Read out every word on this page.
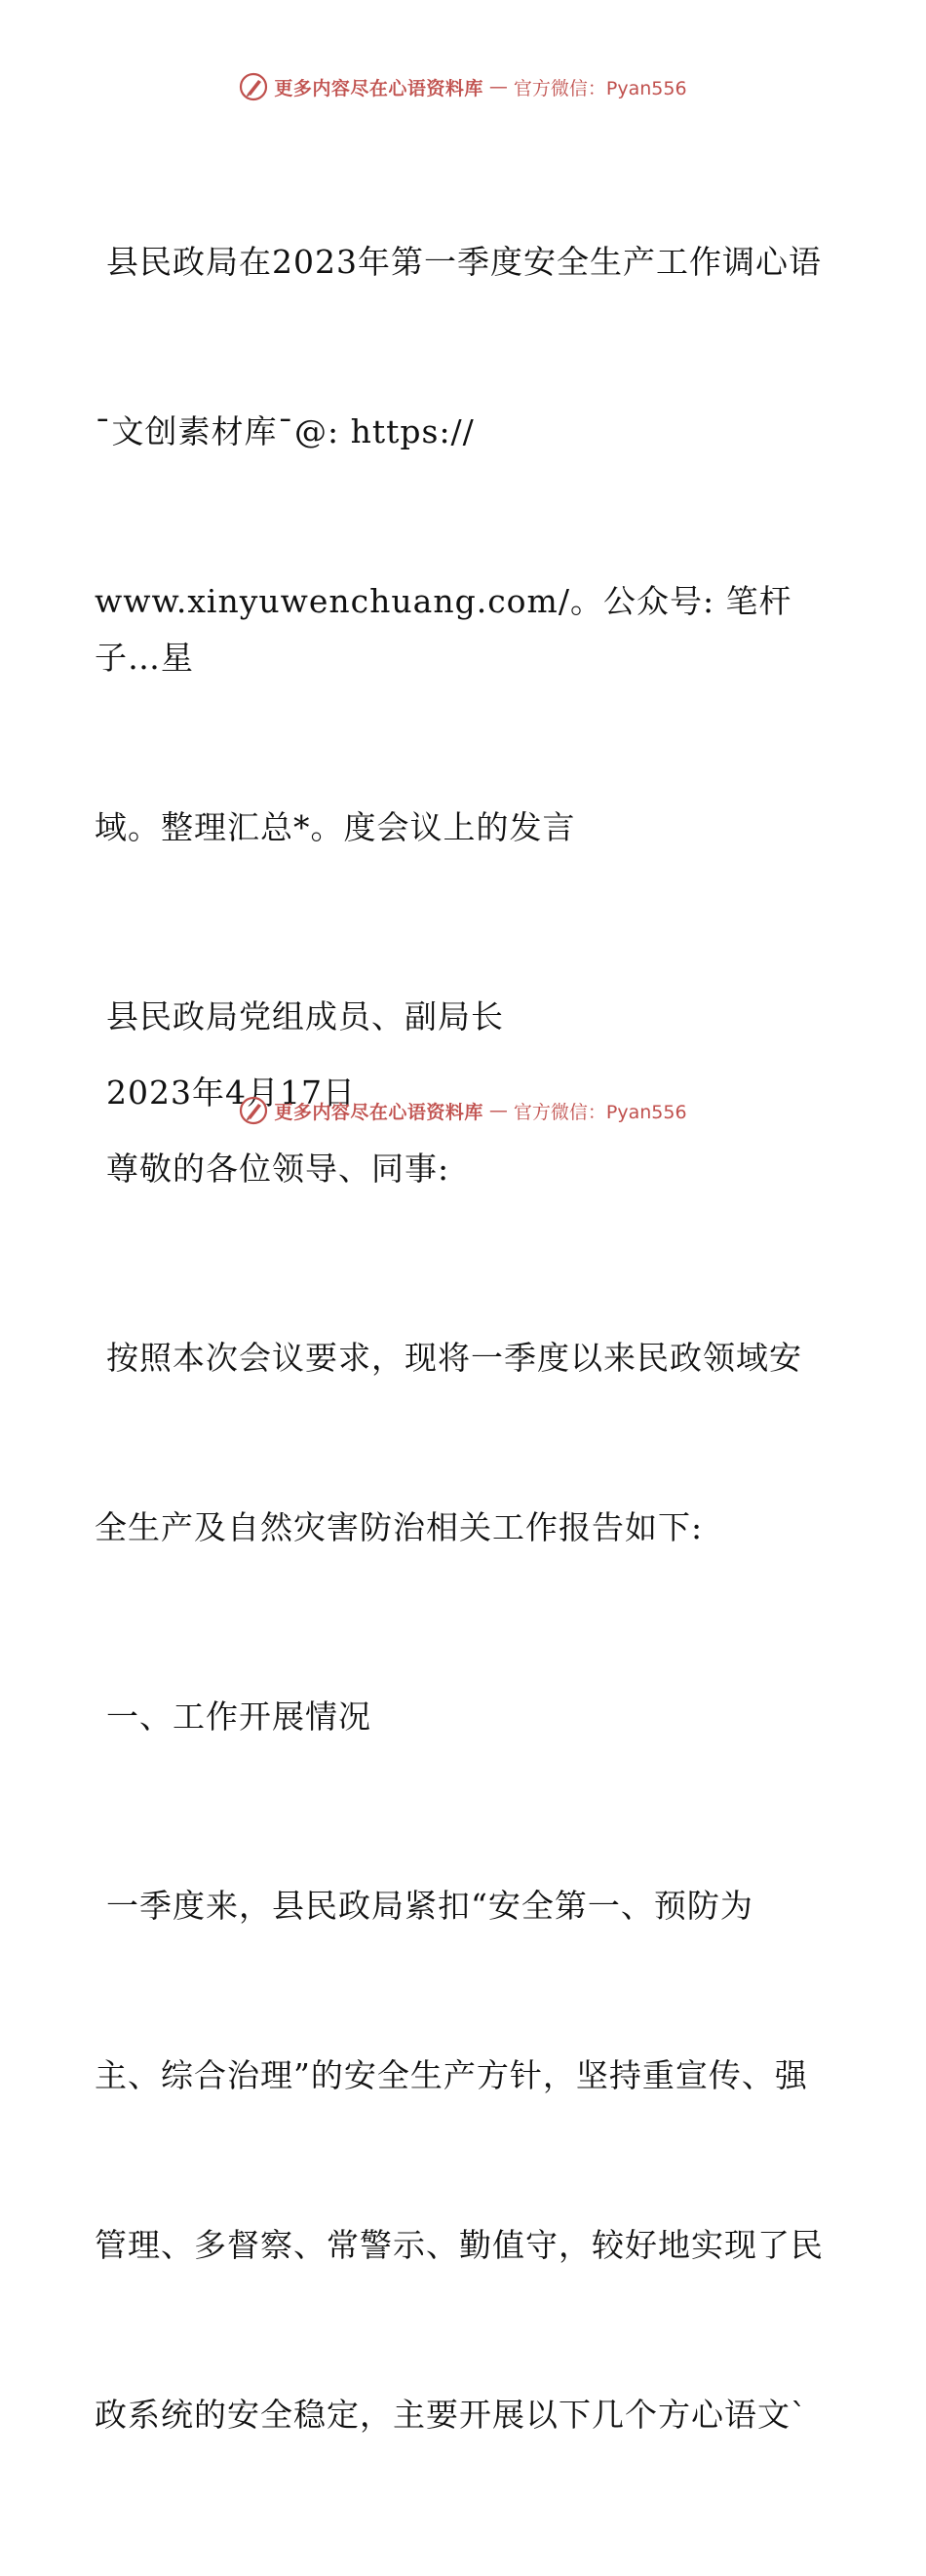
更多内容尽在心语资料库 — 官方微信：Pyan556

县民政局在2023年第一季度安全生产工作调心语

¯文创素材库¯@: https://

www.xinyuwenchuang.com/。公众号: 笔杆子…星

域。整理汇总*。度会议上的发言

县民政局党组成员、副局长
2023年4月17日
尊敬的各位领导、同事:

按照本次会议要求，现将一季度以来民政领域安

全生产及自然灾害防治相关工作报告如下:

一、工作开展情况

一季度来，县民政局紧扣“安全第一、预防为

主、综合治理”的安全生产方针，坚持重宣传、强

管理、多督察、常警示、勤值守，较好地实现了民

政系统的安全稳定，主要开展以下几个方心语文`

更多内容尽在心语资料库 — 官方微信：Pyan556
